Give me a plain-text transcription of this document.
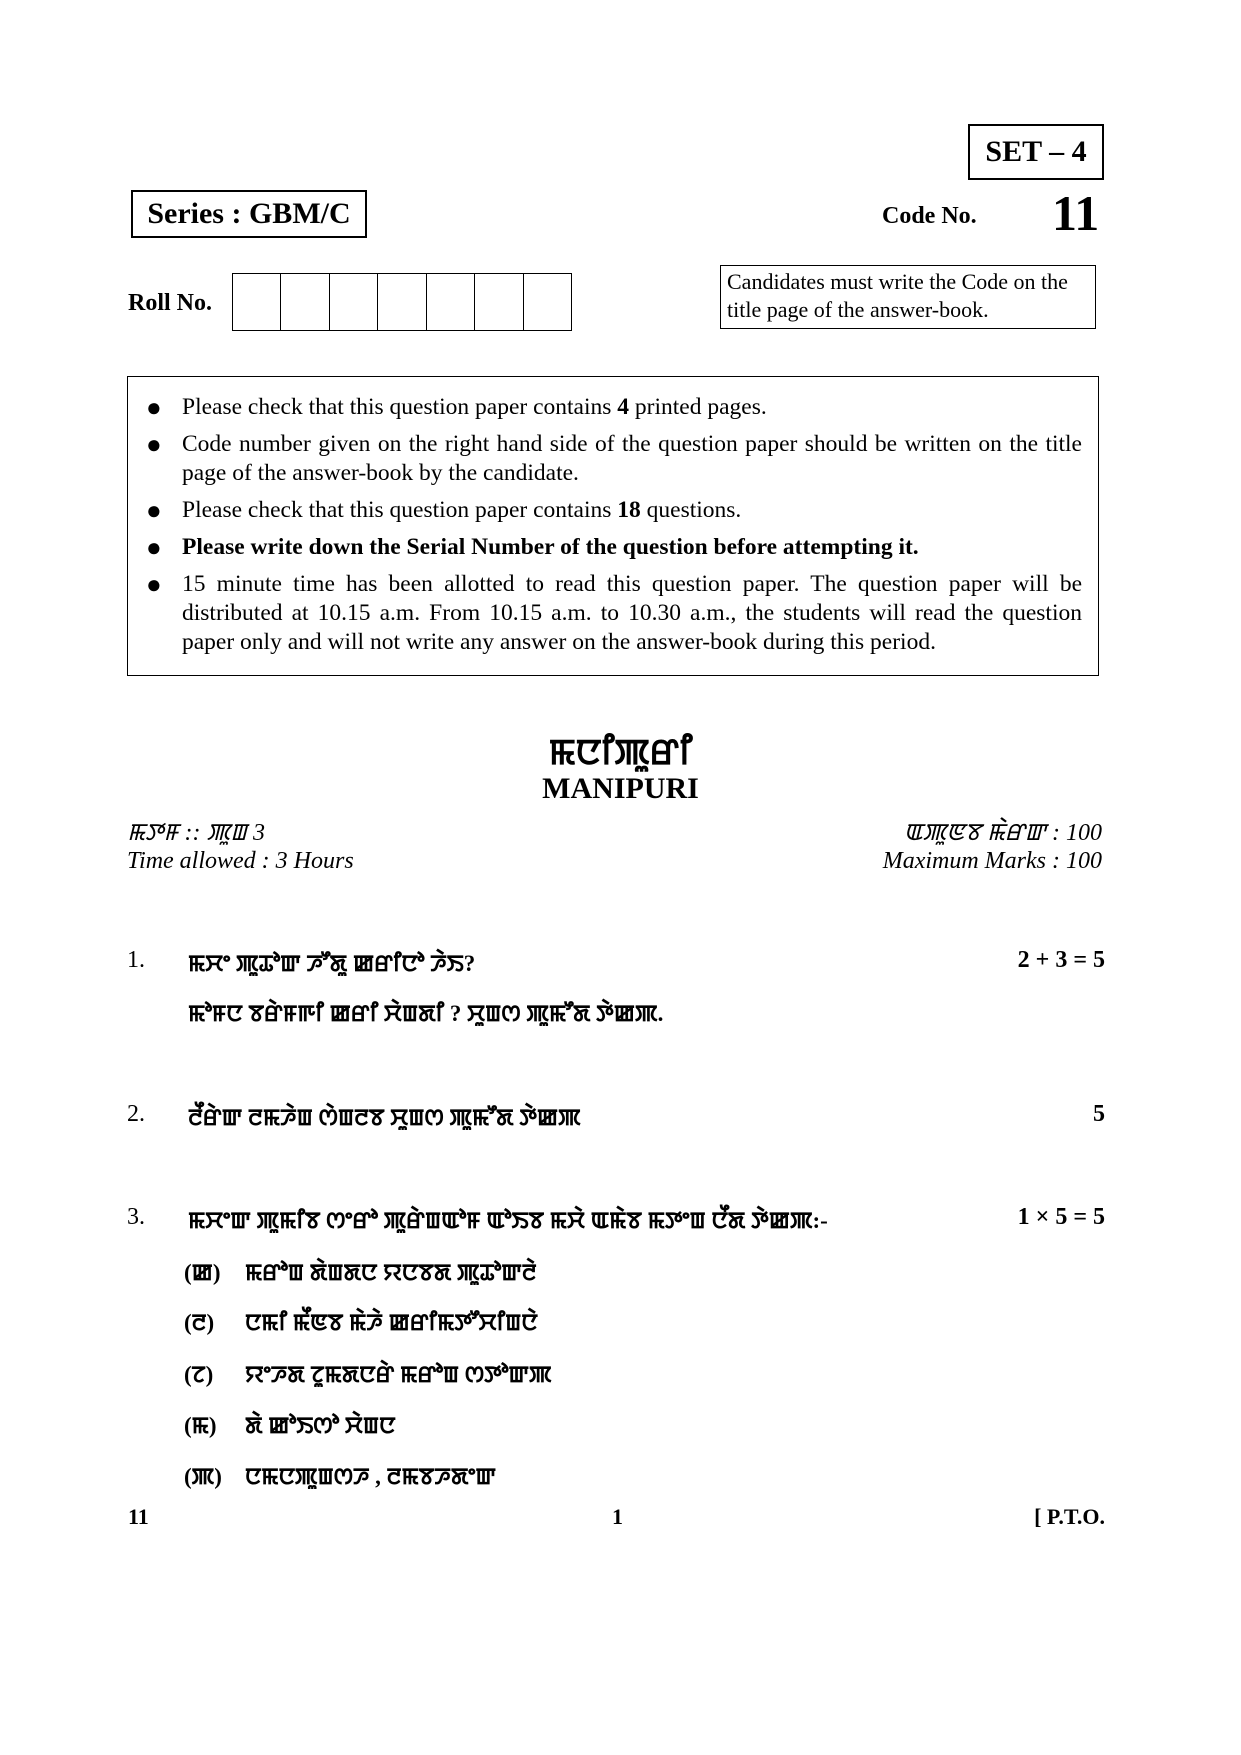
SET – 4
Series : GBM/C	Code No. 11
Roll No.
Candidates must write the Code on the title page of the answer-book.
● Please check that this question paper contains 4 printed pages.
● Code number given on the right hand side of the question paper should be written on the title page of the answer-book by the candidate.
● Please check that this question paper contains 18 questions.
● Please write down the Serial Number of the question before attempting it.
● 15 minute time has been allotted to read this question paper. The question paper will be distributed at 10.15 a.m. From 10.15 a.m. to 10.30 a.m., the students will read the question paper only and will not write any answer on the answer-book during this period.
ꯃꯅꯤꯄꯨꯔꯤ
MANIPURI
ꯃꯇꯝ :: ꯄꯨꯡ 3
Time allowed : 3 Hours
ꯑꯄꯨꯟꯕ ꯃꯥꯔꯛ : 100
Maximum Marks : 100
1. ꯃꯆꯦ ꯄꯨꯊꯣꯛ ꯍꯧꯗꯨ ꯀꯔꯤꯅꯣ ꯍꯥꯏ?	2 + 3 = 5
ꯃꯣꯝꯅ ꯕꯔꯥꯝꯒꯤ ꯀꯔꯤ ꯆꯥꯡꯗꯤ ? ꯆꯨꯡꯁ ꯄꯨꯃꯧꯗ ꯇꯥꯀꯄ.
2. ꯂꯩꯔꯥꯛ ꯂꯃꯍꯥꯡ ꯁꯥꯡꯂꯕ ꯆꯨꯡꯁ ꯄꯨꯃꯧꯗ ꯇꯥꯀꯄ	5
3. ꯃꯆꯦꯛ ꯄꯨꯃꯤꯕ ꯁꯦꯔꯣ ꯄꯨꯔꯥꯡꯑꯣꯝ ꯑꯣꯏꯕ ꯃꯆꯥ ꯑꯃꯥꯕ ꯃꯇꯦꯡ ꯅꯩꯗ ꯇꯥꯀꯄ:-	1 × 5 = 5
(ꯀ) ꯃꯔꯣꯡ ꯗꯥꯡꯗꯅ ꯌꯅꯕꯗ ꯄꯨꯊꯣꯛꯂꯥ
(ꯂ) ꯅꯃꯤ ꯃꯩꯟꯕ ꯃꯥꯍꯥ ꯀꯔꯤꯃꯇꯧꯆꯤꯡꯅꯥ
(ꯖ) ꯌꯦꯍꯗ ꯖꯨꯃꯗꯅꯔꯥ ꯃꯔꯣꯡ ꯁꯇꯣꯛꯄ
(ꯃ) ꯗꯥ ꯀꯣꯏꯁꯣ ꯆꯥꯡꯅ
(ꯄ) ꯅꯃꯅꯄꯨꯡꯁꯍ , ꯂꯃꯕꯍꯗꯦꯛ
11	1	[ P.T.O.
